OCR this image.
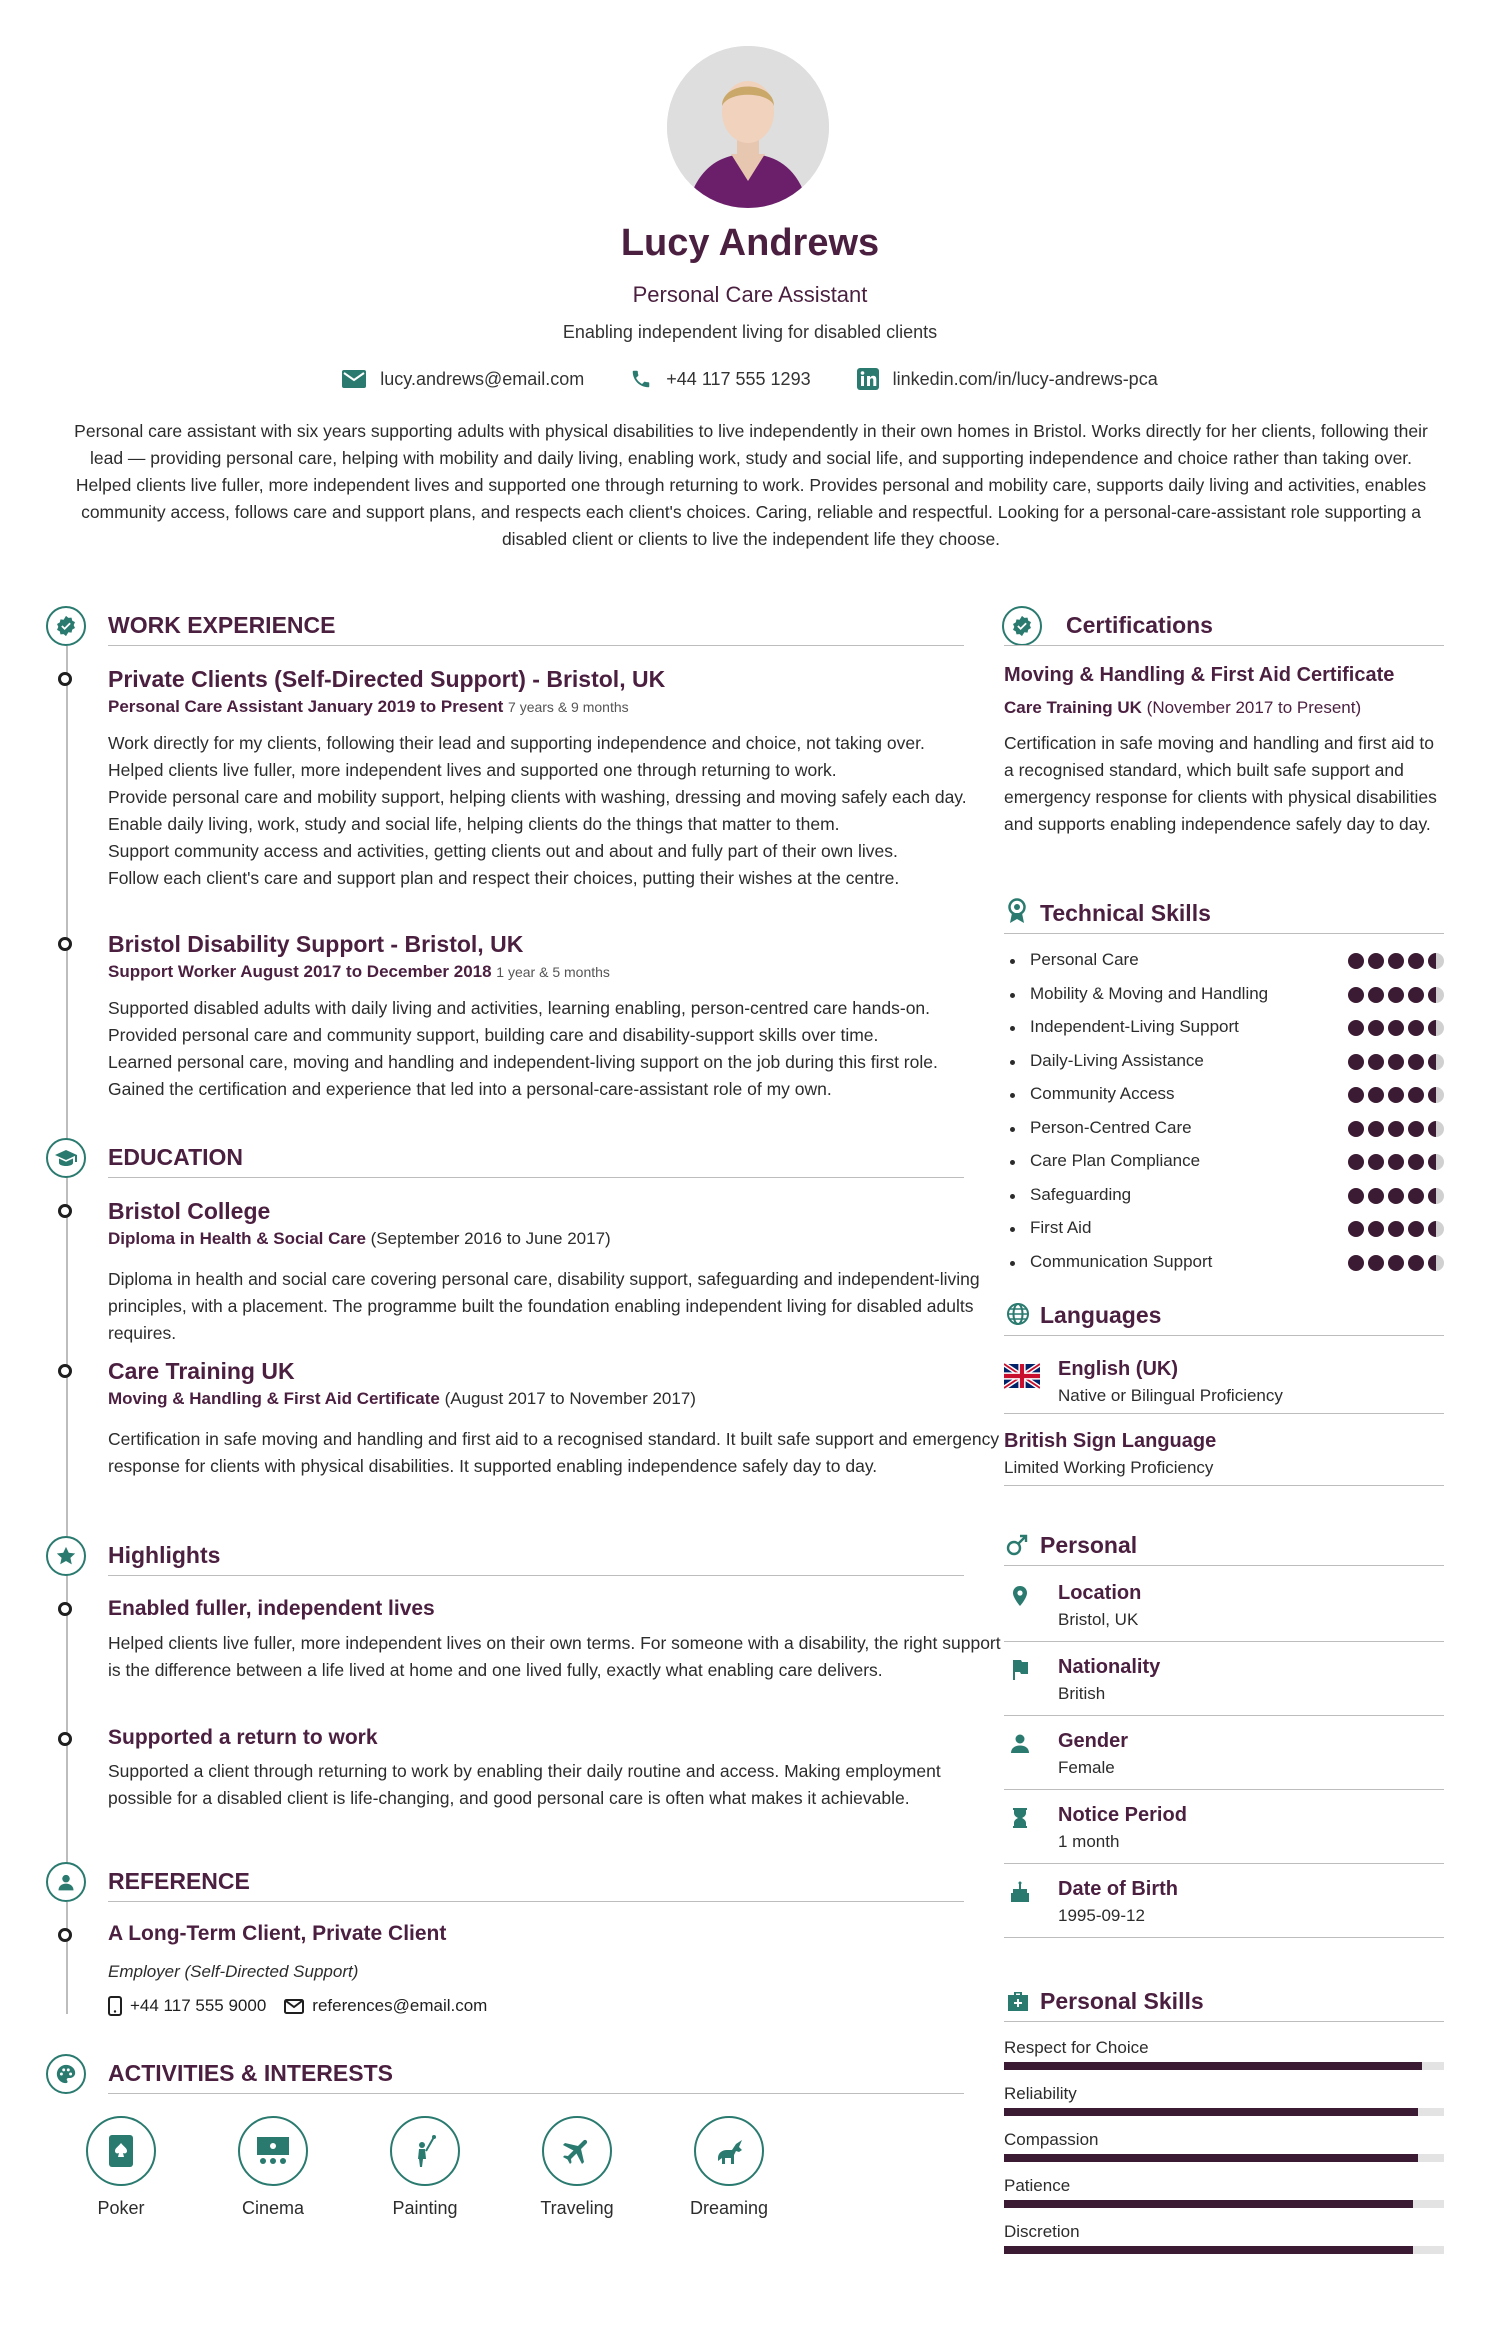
Lucy Andrews
Personal Care Assistant
Enabling independent living for disabled clients
lucy.andrews@email.com	+44 117 555 1293	linkedin.com/in/lucy-andrews-pca
Personal care assistant with six years supporting adults with physical disabilities to live independently in their own homes in Bristol. Works directly for her clients, following their lead — providing personal care, helping with mobility and daily living, enabling work, study and social life, and supporting independence and choice rather than taking over. Helped clients live fuller, more independent lives and supported one through returning to work. Provides personal and mobility care, supports daily living and activities, enables community access, follows care and support plans, and respects each client's choices. Caring, reliable and respectful. Looking for a personal-care-assistant role supporting a disabled client or clients to live the independent life they choose.
WORK EXPERIENCE
Private Clients (Self-Directed Support) - Bristol, UK
Personal Care Assistant January 2019 to Present 7 years & 9 months
Work directly for my clients, following their lead and supporting independence and choice, not taking over.
Helped clients live fuller, more independent lives and supported one through returning to work.
Provide personal care and mobility support, helping clients with washing, dressing and moving safely each day.
Enable daily living, work, study and social life, helping clients do the things that matter to them.
Support community access and activities, getting clients out and about and fully part of their own lives.
Follow each client's care and support plan and respect their choices, putting their wishes at the centre.
Bristol Disability Support - Bristol, UK
Support Worker August 2017 to December 2018 1 year & 5 months
Supported disabled adults with daily living and activities, learning enabling, person-centred care hands-on.
Provided personal care and community support, building care and disability-support skills over time.
Learned personal care, moving and handling and independent-living support on the job during this first role.
Gained the certification and experience that led into a personal-care-assistant role of my own.
EDUCATION
Bristol College
Diploma in Health & Social Care (September 2016 to June 2017)
Diploma in health and social care covering personal care, disability support, safeguarding and independent-living principles, with a placement. The programme built the foundation enabling independent living for disabled adults requires.
Care Training UK
Moving & Handling & First Aid Certificate (August 2017 to November 2017)
Certification in safe moving and handling and first aid to a recognised standard. It built safe support and emergency response for clients with physical disabilities. It supported enabling independence safely day to day.
Highlights
Enabled fuller, independent lives
Helped clients live fuller, more independent lives on their own terms. For someone with a disability, the right support is the difference between a life lived at home and one lived fully, exactly what enabling care delivers.
Supported a return to work
Supported a client through returning to work by enabling their daily routine and access. Making employment possible for a disabled client is life-changing, and good personal care is often what makes it achievable.
REFERENCE
A Long-Term Client, Private Client
Employer (Self-Directed Support)
+44 117 555 9000	references@email.com
ACTIVITIES & INTERESTS
Poker	Cinema	Painting	Traveling	Dreaming
Certifications
Moving & Handling & First Aid Certificate
Care Training UK (November 2017 to Present)
Certification in safe moving and handling and first aid to a recognised standard, which built safe support and emergency response for clients with physical disabilities and supports enabling independence safely day to day.
Technical Skills
Personal Care
Mobility & Moving and Handling
Independent-Living Support
Daily-Living Assistance
Community Access
Person-Centred Care
Care Plan Compliance
Safeguarding
First Aid
Communication Support
Languages
English (UK)
Native or Bilingual Proficiency
British Sign Language
Limited Working Proficiency
Personal
Location
Bristol, UK
Nationality
British
Gender
Female
Notice Period
1 month
Date of Birth
1995-09-12
Personal Skills
Respect for Choice
Reliability
Compassion
Patience
Discretion
